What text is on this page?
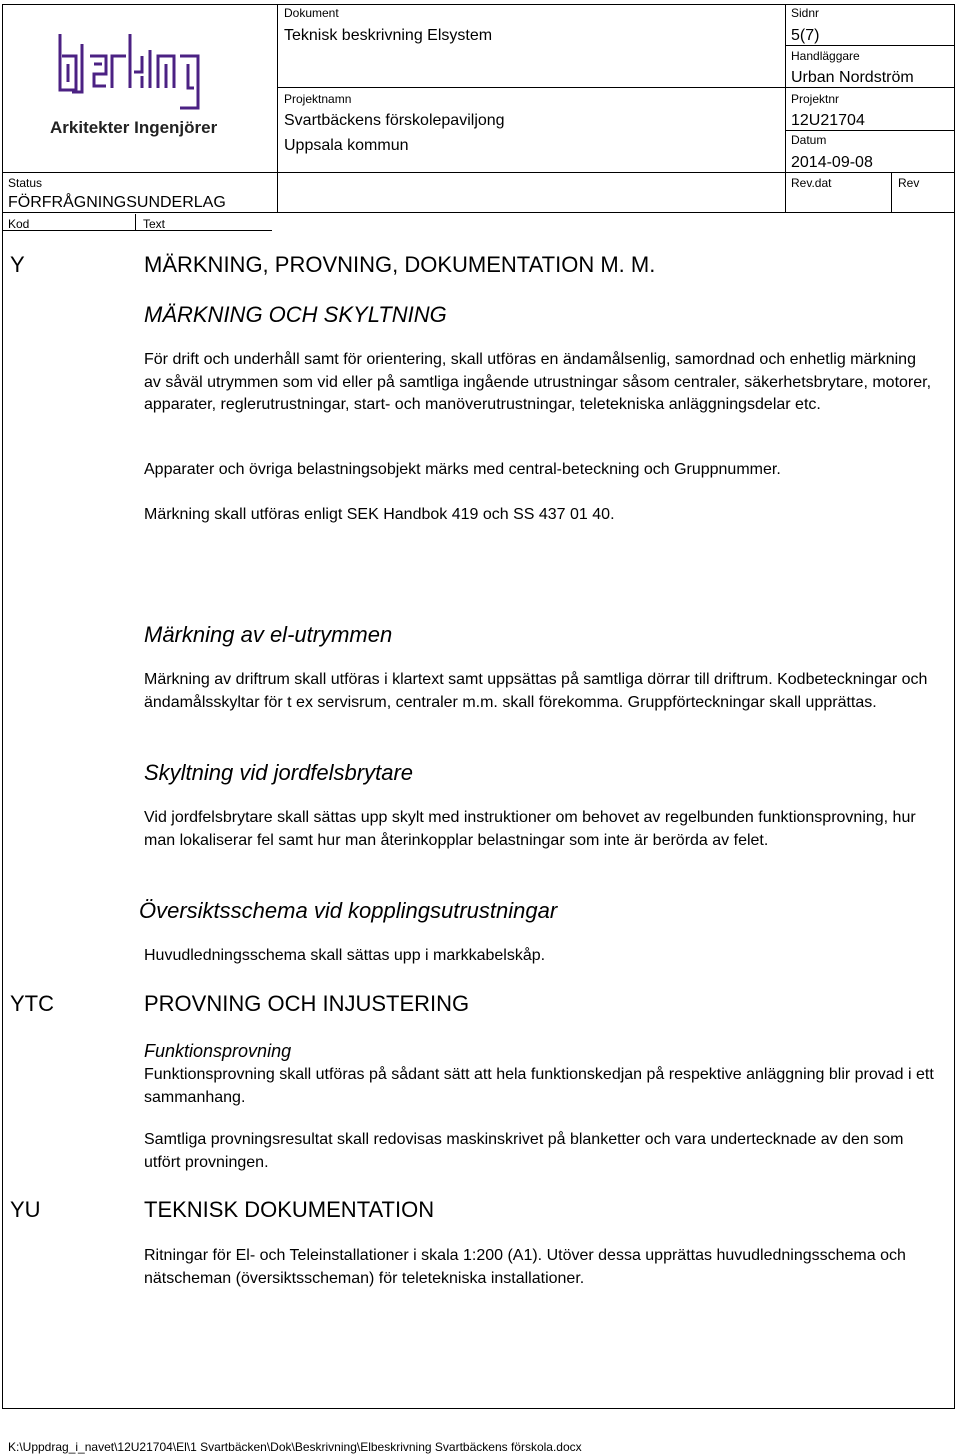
Arkitekter Ingenjörer
Dokument
Teknisk beskrivning Elsystem
Projektnamn
Svartbäckens förskolepaviljong
Uppsala kommun
Sidnr
5(7)
Handläggare
Urban Nordström
Projektnr
12U21704
Datum
2014-09-08
Rev.dat	Rev
Status
FÖRFRÅGNINGSUNDERLAG
Kod	Text
Y	MÄRKNING, PROVNING, DOKUMENTATION M. M.
MÄRKNING OCH SKYLTNING
För drift och underhåll samt för orientering, skall utföras en ändamålsenlig, samordnad och enhetlig märkning av såväl utrymmen som vid eller på samtliga ingående utrustningar såsom centraler, säkerhetsbrytare, motorer, apparater, reglerutrustningar, start- och manöverutrustningar, teletekniska anläggningsdelar etc.
Apparater och övriga belastningsobjekt märks med central-beteckning och Gruppnummer.
Märkning skall utföras enligt SEK Handbok 419 och SS 437 01 40.
Märkning av el-utrymmen
Märkning av driftrum skall utföras i klartext samt uppsättas på samtliga dörrar till driftrum. Kodbeteckningar och ändamålsskyltar för t ex servisrum, centraler m.m. skall förekomma. Gruppförteckningar skall upprättas.
Skyltning vid jordfelsbrytare
Vid jordfelsbrytare skall sättas upp skylt med instruktioner om behovet av regelbunden funktionsprovning, hur man lokaliserar fel samt hur man återinkopplar belastningar som inte är berörda av felet.
Översiktsschema vid kopplingsutrustningar
Huvudledningsschema skall sättas upp i markkabelskåp.
YTC	PROVNING OCH INJUSTERING
Funktionsprovning
Funktionsprovning skall utföras på sådant sätt att hela funktionskedjan på respektive anläggning blir provad i ett sammanhang.
Samtliga provningsresultat skall redovisas maskinskrivet på blanketter och vara undertecknade av den som utfört provningen.
YU	TEKNISK DOKUMENTATION
Ritningar för El- och Teleinstallationer i skala 1:200 (A1). Utöver dessa upprättas huvudledningsschema och nätscheman (översiktsscheman) för teletekniska installationer.
K:\Uppdrag_i_navet\12U21704\El\1 Svartbäcken\Dok\Beskrivning\Elbeskrivning Svartbäckens förskola.docx
